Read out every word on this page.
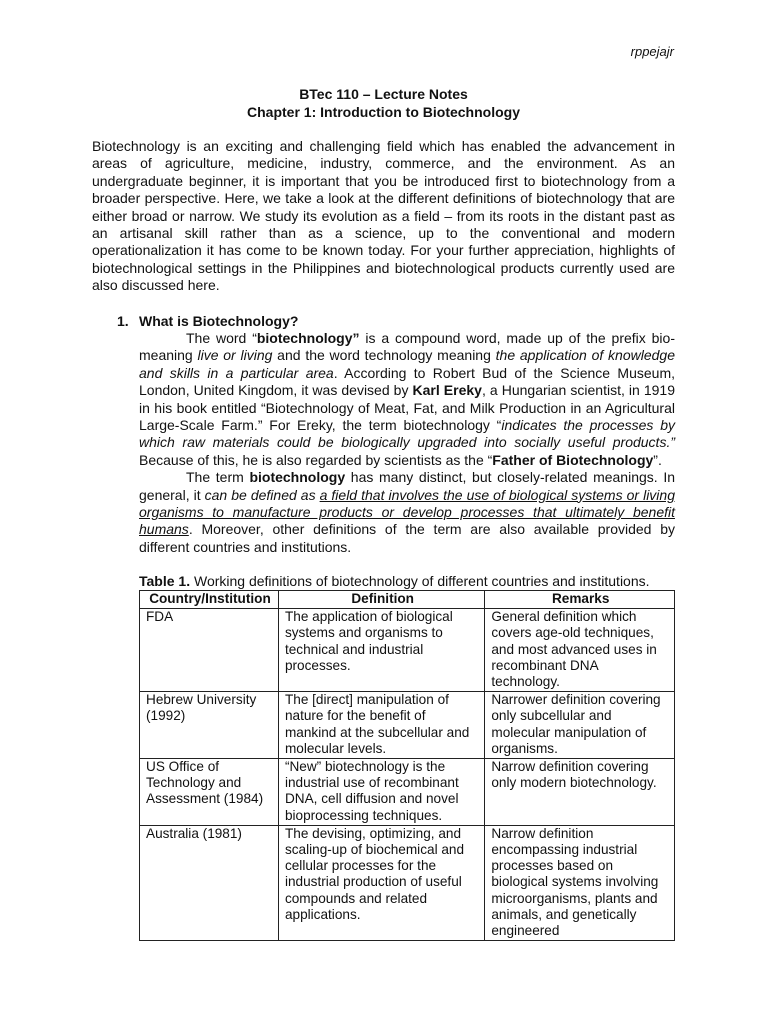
rppejajr
BTec 110 – Lecture Notes
Chapter 1: Introduction to Biotechnology

Biotechnology is an exciting and challenging field which has enabled the advancement in areas of agriculture, medicine, industry, commerce, and the environment. As an undergraduate beginner, it is important that you be introduced first to biotechnology from a broader perspective. Here, we take a look at the different definitions of biotechnology that are either broad or narrow. We study its evolution as a field – from its roots in the distant past as an artisanal skill rather than as a science, up to the conventional and modern operationalization it has come to be known today. For your further appreciation, highlights of biotechnological settings in the Philippines and biotechnological products currently used are also discussed here.

1. What is Biotechnology?

The word “biotechnology” is a compound word, made up of the prefix bio- meaning live or living and the word technology meaning the application of knowledge and skills in a particular area. According to Robert Bud of the Science Museum, London, United Kingdom, it was devised by Karl Ereky, a Hungarian scientist, in 1919 in his book entitled “Biotechnology of Meat, Fat, and Milk Production in an Agricultural Large-Scale Farm.” For Ereky, the term biotechnology “indicates the processes by which raw materials could be biologically upgraded into socially useful products.” Because of this, he is also regarded by scientists as the “Father of Biotechnology”.

The term biotechnology has many distinct, but closely-related meanings. In general, it can be defined as a field that involves the use of biological systems or living organisms to manufacture products or develop processes that ultimately benefit humans. Moreover, other definitions of the term are also available provided by different countries and institutions.

Table 1. Working definitions of biotechnology of different countries and institutions.

Country/Institution	Definition	Remarks
FDA	The application of biological systems and organisms to technical and industrial processes.	General definition which covers age-old techniques, and most advanced uses in recombinant DNA technology.
Hebrew University (1992)	The [direct] manipulation of nature for the benefit of mankind at the subcellular and molecular levels.	Narrower definition covering only subcellular and molecular manipulation of organisms.
US Office of Technology and Assessment (1984)	“New” biotechnology is the industrial use of recombinant DNA, cell diffusion and novel bioprocessing techniques.	Narrow definition covering only modern biotechnology.
Australia (1981)	The devising, optimizing, and scaling-up of biochemical and cellular processes for the industrial production of useful compounds and related applications.	Narrow definition encompassing industrial processes based on biological systems involving microorganisms, plants and animals, and genetically engineered
